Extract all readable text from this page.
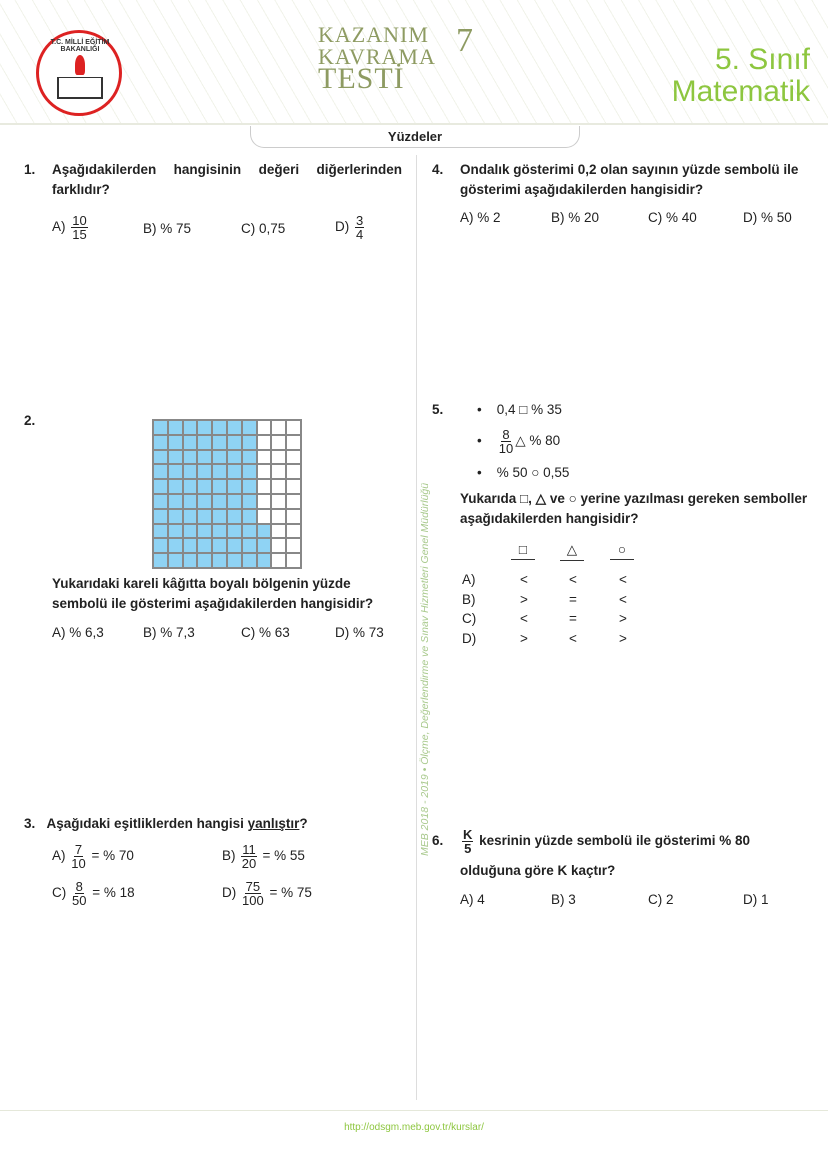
T.C. MİLLİ EĞİTİM BAKANLIĞI
KAZANIM
KAVRAMA
TESTİ
7
5. Sınıf
Matematik
Yüzdeler
MEB 2018 - 2019 • Ölçme, Değerlendirme ve Sınav Hizmetleri Genel Müdürlüğü
1. Aşağıdakilerden hangisinin değeri diğerlerinden farklıdır?
$A) \frac{10}{15}$	B) % 75	C) 0,75	$D) \frac{3}{4}$
2.
Yukarıdaki kareli kâğıtta boyalı bölgenin yüzde sembolü ile gösterimi aşağıdakilerden hangisidir?
A) % 6,3	B) % 7,3	C) % 63	D) % 73
3. Aşağıdaki eşitliklerden hangisi yanlıştır?
$A) \frac{7}{10}$ = % 70	$B) \frac{11}{20}$ = % 55
$C) \frac{8}{50}$ = % 18	$D) \frac{75}{100}$ = % 75
4. Ondalık gösterimi 0,2 olan sayının yüzde sembolü ile gösterimi aşağıdakilerden hangisidir?
A) % 2	B) % 20	C) % 40	D) % 50
5. •    0,4 □ % 35
• $\frac{8}{10}$ △ % 80
•    % 50 ○ 0,55
Yukarıda □, △ ve ○ yerine yazılması gereken semboller aşağıdakilerden hangisidir?
□	△	○
A)	<	<	<
B)	>	=	<
C)	<	=	>
D)	>	<	>
6. $\frac{K}{5}$ kesrinin yüzde sembolü ile gösterimi % 80 olduğuna göre K kaçtır?
A) 4	B) 3	C) 2	D) 1
http://odsgm.meb.gov.tr/kurslar/
